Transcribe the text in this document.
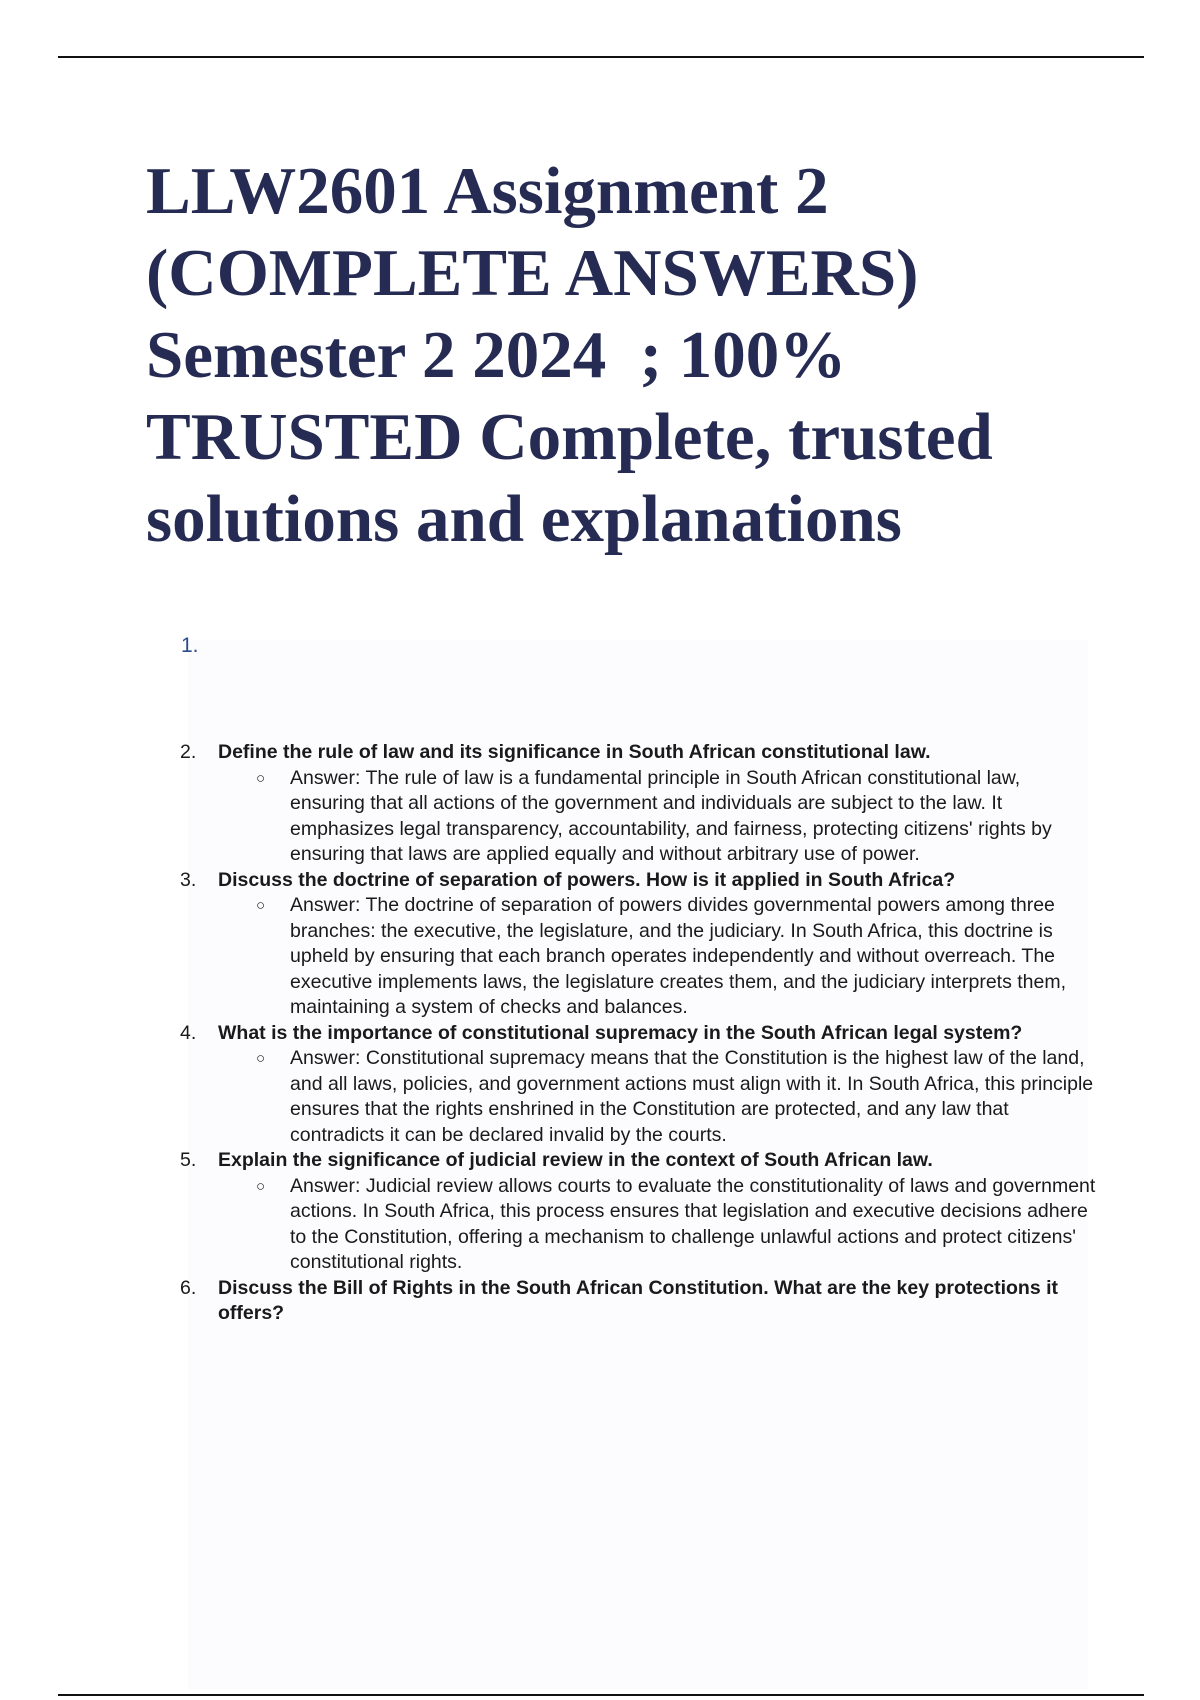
LLW2601 Assignment 2
(COMPLETE ANSWERS)
Semester 2 2024  ; 100%
TRUSTED Complete, trusted
solutions and explanations
1.
2. Define the rule of law and its significance in South African constitutional law.
○ Answer: The rule of law is a fundamental principle in South African constitutional law, ensuring that all actions of the government and individuals are subject to the law. It emphasizes legal transparency, accountability, and fairness, protecting citizens' rights by ensuring that laws are applied equally and without arbitrary use of power.
3. Discuss the doctrine of separation of powers. How is it applied in South Africa?
○ Answer: The doctrine of separation of powers divides governmental powers among three branches: the executive, the legislature, and the judiciary. In South Africa, this doctrine is upheld by ensuring that each branch operates independently and without overreach. The executive implements laws, the legislature creates them, and the judiciary interprets them, maintaining a system of checks and balances.
4. What is the importance of constitutional supremacy in the South African legal system?
○ Answer: Constitutional supremacy means that the Constitution is the highest law of the land, and all laws, policies, and government actions must align with it. In South Africa, this principle ensures that the rights enshrined in the Constitution are protected, and any law that contradicts it can be declared invalid by the courts.
5. Explain the significance of judicial review in the context of South African law.
○ Answer: Judicial review allows courts to evaluate the constitutionality of laws and government actions. In South Africa, this process ensures that legislation and executive decisions adhere to the Constitution, offering a mechanism to challenge unlawful actions and protect citizens' constitutional rights.
6. Discuss the Bill of Rights in the South African Constitution. What are the key protections it offers?
